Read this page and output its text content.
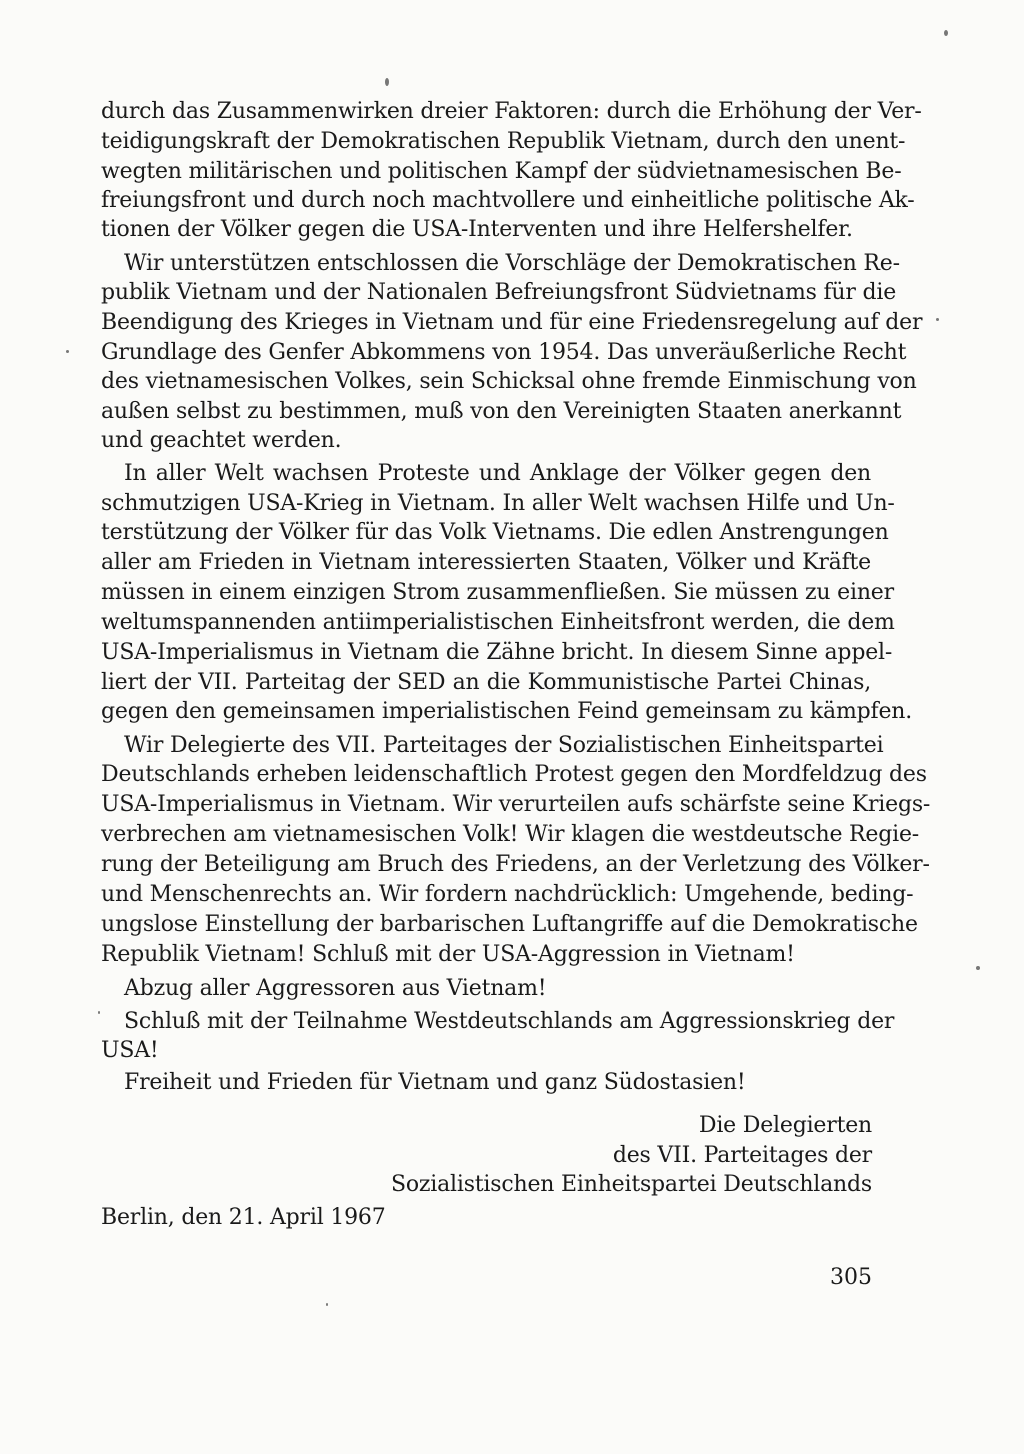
durch das Zusammenwirken dreier Faktoren: durch die Erhöhung der Ver-

teidigungskraft der Demokratischen Republik Vietnam, durch den unent-

wegten militärischen und politischen Kampf der südvietnamesischen Be-

freiungsfront und durch noch machtvollere und einheitliche politische Ak-

tionen der Völker gegen die USA-Interventen und ihre Helfershelfer.

Wir unterstützen entschlossen die Vorschläge der Demokratischen Re-

publik Vietnam und der Nationalen Befreiungsfront Südvietnams für die

Beendigung des Krieges in Vietnam und für eine Friedensregelung auf der

Grundlage des Genfer Abkommens von 1954. Das unveräußerliche Recht

des vietnamesischen Volkes, sein Schicksal ohne fremde Einmischung von

außen selbst zu bestimmen, muß von den Vereinigten Staaten anerkannt

und geachtet werden.

In aller Welt wachsen Proteste und Anklage der Völker gegen den

schmutzigen USA-Krieg in Vietnam. In aller Welt wachsen Hilfe und Un-

terstützung der Völker für das Volk Vietnams. Die edlen Anstrengungen

aller am Frieden in Vietnam interessierten Staaten, Völker und Kräfte

müssen in einem einzigen Strom zusammenfließen. Sie müssen zu einer

weltumspannenden antiimperialistischen Einheitsfront werden, die dem

USA-Imperialismus in Vietnam die Zähne bricht. In diesem Sinne appel-

liert der VII. Parteitag der SED an die Kommunistische Partei Chinas,

gegen den gemeinsamen imperialistischen Feind gemeinsam zu kämpfen.

Wir Delegierte des VII. Parteitages der Sozialistischen Einheitspartei

Deutschlands erheben leidenschaftlich Protest gegen den Mordfeldzug des

USA-Imperialismus in Vietnam. Wir verurteilen aufs schärfste seine Kriegs-

verbrechen am vietnamesischen Volk! Wir klagen die westdeutsche Regie-

rung der Beteiligung am Bruch des Friedens, an der Verletzung des Völker-

und Menschenrechts an. Wir fordern nachdrücklich: Umgehende, beding-

ungslose Einstellung der barbarischen Luftangriffe auf die Demokratische

Republik Vietnam! Schluß mit der USA-Aggression in Vietnam!

Abzug aller Aggressoren aus Vietnam!

Schluß mit der Teilnahme Westdeutschlands am Aggressionskrieg der

USA!

Freiheit und Frieden für Vietnam und ganz Südostasien!

Die Delegierten

des VII. Parteitages der

Sozialistischen Einheitspartei Deutschlands

Berlin, den 21. April 1967

305
